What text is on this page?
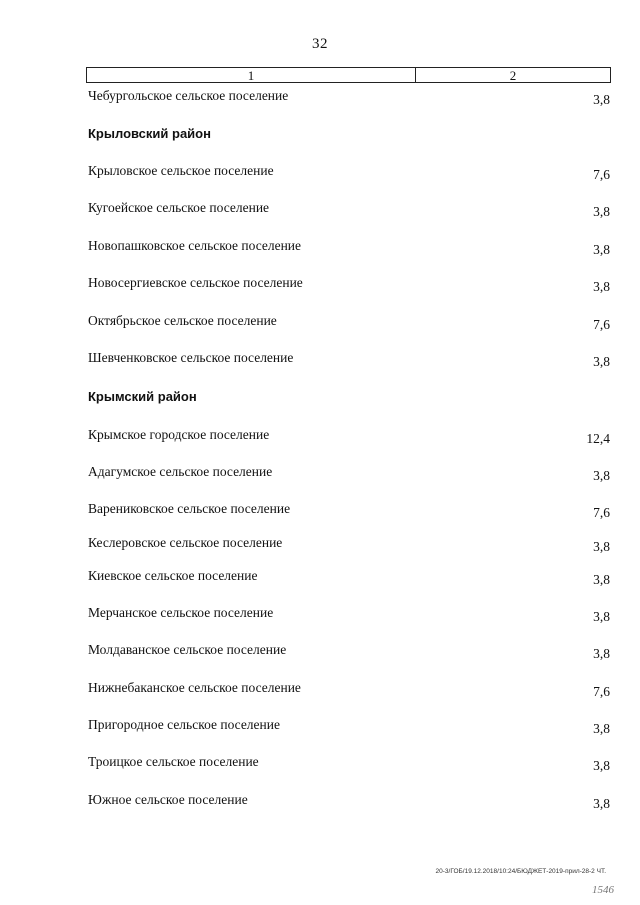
32
1	2
Чебургольское сельское поселение	3,8
Крыловский район
Крыловское сельское поселение	7,6
Кугоейское сельское поселение	3,8
Новопашковское сельское поселение	3,8
Новосергиевское сельское поселение	3,8
Октябрьское сельское поселение	7,6
Шевченковское сельское поселение	3,8
Крымский район
Крымское городское поселение	12,4
Адагумское сельское поселение	3,8
Варениковское сельское поселение	7,6
Кеслеровское сельское поселение	3,8
Киевское сельское поселение	3,8
Мерчанское сельское поселение	3,8
Молдаванское сельское поселение	3,8
Нижнебаканское сельское поселение	7,6
Пригородное сельское поселение	3,8
Троицкое сельское поселение	3,8
Южное сельское поселение	3,8
20-3/ГОБ/19.12.2018/10:24/БЮДЖЕТ-2019-прил-28-2 ЧТ.
1546
